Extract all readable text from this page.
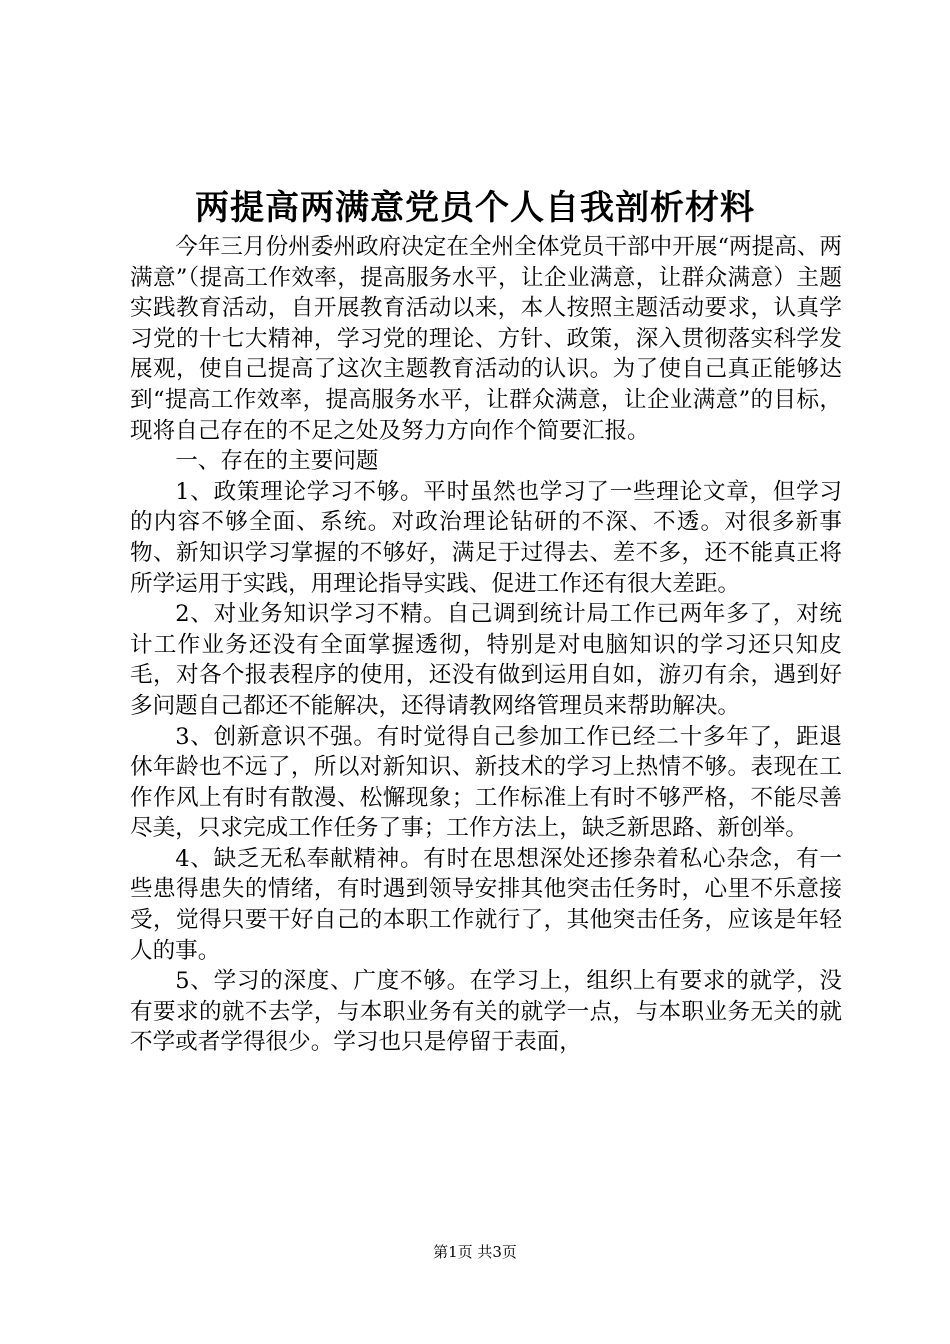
两提高两满意党员个人自我剖析材料

今年三月份州委州政府决定在全州全体党员干部中开展“两提高、两满意”（提高工作效率，提高服务水平，让企业满意，让群众满意）主题实践教育活动，自开展教育活动以来，本人按照主题活动要求，认真学习党的十七大精神，学习党的理论、方针、政策，深入贯彻落实科学发展观，使自己提高了这次主题教育活动的认识。为了使自己真正能够达到“提高工作效率，提高服务水平，让群众满意，让企业满意”的目标，现将自己存在的不足之处及努力方向作个简要汇报。

一、存在的主要问题

1、政策理论学习不够。平时虽然也学习了一些理论文章，但学习的内容不够全面、系统。对政治理论钻研的不深、不透。对很多新事物、新知识学习掌握的不够好，满足于过得去、差不多，还不能真正将所学运用于实践，用理论指导实践、促进工作还有很大差距。

2、对业务知识学习不精。自己调到统计局工作已两年多了，对统计工作业务还没有全面掌握透彻，特别是对电脑知识的学习还只知皮毛，对各个报表程序的使用，还没有做到运用自如，游刃有余，遇到好多问题自己都还不能解决，还得请教网络管理员来帮助解决。

3、创新意识不强。有时觉得自己参加工作已经二十多年了，距退休年龄也不远了，所以对新知识、新技术的学习上热情不够。表现在工作作风上有时有散漫、松懈现象；工作标准上有时不够严格，不能尽善尽美，只求完成工作任务了事；工作方法上，缺乏新思路、新创举。

4、缺乏无私奉献精神。有时在思想深处还掺杂着私心杂念，有一些患得患失的情绪，有时遇到领导安排其他突击任务时，心里不乐意接受，觉得只要干好自己的本职工作就行了，其他突击任务，应该是年轻人的事。

5、学习的深度、广度不够。在学习上，组织上有要求的就学，没有要求的就不去学，与本职业务有关的就学一点，与本职业务无关的就不学或者学得很少。学习也只是停留于表面，

第1页 共3页
